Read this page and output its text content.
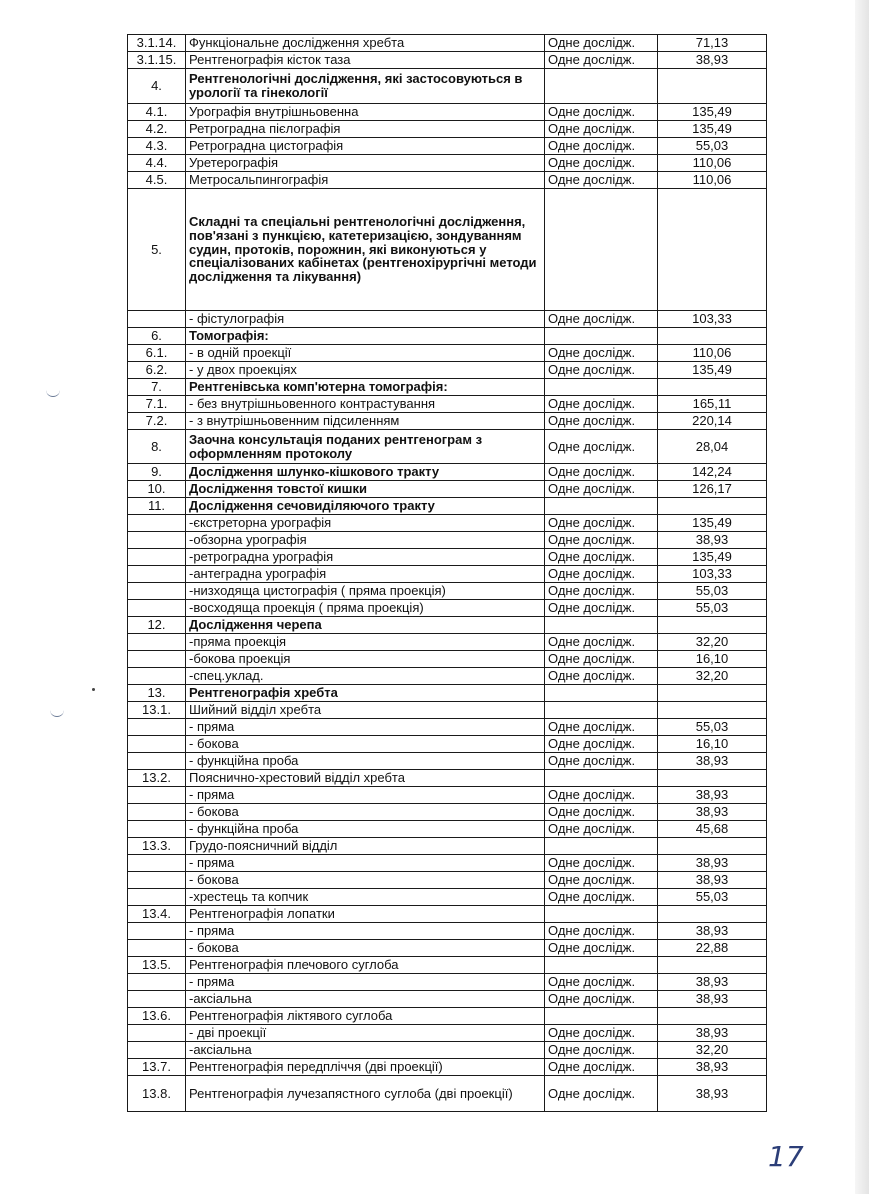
3.1.14.	Функціональне дослідження хребта	Одне дослідж.	71,13
3.1.15.	Рентгенографія кісток таза	Одне дослідж.	38,93
4.	Рентгенологічні дослідження, які застосовуються в урології та гінекології		
4.1.	Урографія внутрішньовенна	Одне дослідж.	135,49
4.2.	Ретроградна пієлографія	Одне дослідж.	135,49
4.3.	Ретроградна цистографія	Одне дослідж.	55,03
4.4.	Уретерографія	Одне дослідж.	110,06
4.5.	Метросальпингографія	Одне дослідж.	110,06
5.	Складні та спеціальні рентгенологічні дослідження, пов'язані з пункцією, катетеризацією, зондуванням судин, протоків, порожнин, які виконуються у спеціалізованих кабінетах (рентгенохірургічні методи дослідження та лікування)		
	- фістулографія	Одне дослідж.	103,33
6.	Томографія:		
6.1.	- в одній проекції	Одне дослідж.	110,06
6.2.	- у двох проекціях	Одне дослідж.	135,49
7.	Рентгенівська комп'ютерна томографія:		
7.1.	- без внутрішньовенного контрастування	Одне дослідж.	165,11
7.2.	- з внутрішньовенним підсиленням	Одне дослідж.	220,14
8.	Заочна консультація поданих рентгенограм з оформленням протоколу	Одне дослідж.	28,04
9.	Дослідження шлунко-кішкового тракту	Одне дослідж.	142,24
10.	Дослідження товстої кишки	Одне дослідж.	126,17
11.	Дослідження сечовиділяючого тракту		
	-єкстреторна урографія	Одне дослідж.	135,49
	-обзорна урографія	Одне дослідж.	38,93
	-ретроградна урографія	Одне дослідж.	135,49
	-антеградна урографія	Одне дослідж.	103,33
	-низходяща цистографія ( пряма проекція)	Одне дослідж.	55,03
	-восходяща проекція ( пряма проекція)	Одне дослідж.	55,03
12.	Дослідження черепа		
	-пряма проекція	Одне дослідж.	32,20
	-бокова проекція	Одне дослідж.	16,10
	-спец.уклад.	Одне дослідж.	32,20
13.	Рентгенографія хребта		
13.1.	Шийний відділ хребта		
	- пряма	Одне дослідж.	55,03
	- бокова	Одне дослідж.	16,10
	- функційна проба	Одне дослідж.	38,93
13.2.	Пояснично-хрестовий відділ хребта		
	- пряма	Одне дослідж.	38,93
	- бокова	Одне дослідж.	38,93
	- функційна проба	Одне дослідж.	45,68
13.3.	Грудо-поясничний відділ		
	- пряма	Одне дослідж.	38,93
	- бокова	Одне дослідж.	38,93
	-хрестець та копчик	Одне дослідж.	55,03
13.4.	Рентгенографія лопатки		
	- пряма	Одне дослідж.	38,93
	- бокова	Одне дослідж.	22,88
13.5.	Рентгенографія плечового суглоба		
	- пряма	Одне дослідж.	38,93
	-аксіальна	Одне дослідж.	38,93
13.6.	Рентгенографія ліктявого суглоба		
	- дві проекції	Одне дослідж.	38,93
	-аксіальна	Одне дослідж.	32,20
13.7.	Рентгенографія передпліччя (дві проекції)	Одне дослідж.	38,93
13.8.	Рентгенографія лучезапястного суглоба (дві проекції)	Одне дослідж.	38,93
17
